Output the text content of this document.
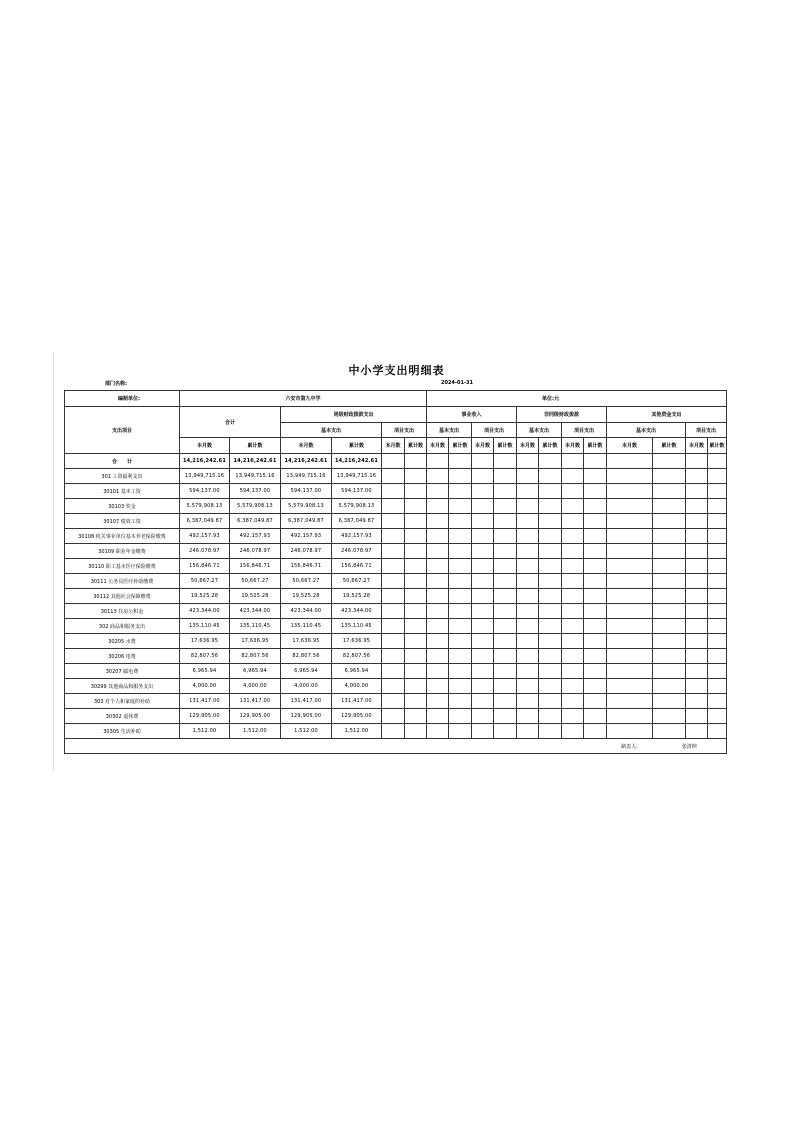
中小学支出明细表
部门名称:	2024-01-31
编制单位:	六安市第九中学						单位:元											
支出项目	合计		同级财政拨款支出				事业收入				非同级财政拨款				其他资金支出			
			基本支出		项目支出		基本支出		项目支出		基本支出		项目支出		基本支出		项目支出	
	本月数	累计数	本月数	累计数	本月数	累计数	本月数	累计数	本月数	累计数	本月数	累计数	本月数	累计数	本月数	累计数	本月数	累计数
合　　计	14,216,242.61	14,216,242.61	14,216,242.61	14,216,242.61														
301 工资福利支出	13,949,715.16	13,949,715.16	13,949,715.16	13,949,715.16														
30101 基本工资	594,137.00	594,137.00	594,137.00	594,137.00														
30103 奖金	5,579,908.13	5,579,908.13	5,579,908.13	5,579,908.13														
30107 绩效工资	6,387,049.87	6,387,049.87	6,387,049.87	6,387,049.87														
30108 机关事业单位基本养老保险缴费	492,157.93	492,157.93	492,157.93	492,157.93														
30109 职业年金缴费	246,078.97	246,078.97	246,078.97	246,078.97														
30110 职工基本医疗保险缴费	156,846.71	156,846.71	156,846.71	156,846.71														
30111 公务员医疗补助缴费	50,667.27	50,667.27	50,667.27	50,667.27														
30112 其他社会保障缴费	19,525.28	19,525.28	19,525.28	19,525.28														
30113 住房公积金	423,344.00	423,344.00	423,344.00	423,344.00														
302 商品和服务支出	135,110.45	135,110.45	135,110.45	135,110.45														
30205 水费	17,636.95	17,636.95	17,636.95	17,636.95														
30206 电费	82,807.56	82,807.56	82,807.56	82,807.56														
30207 邮电费	6,965.94	6,965.94	6,965.94	6,965.94														
30299 其他商品和服务支出	4,000.00	4,000.00	4,000.00	4,000.00														
303 对个人和家庭的补助	131,417.00	131,417.00	131,417.00	131,417.00														
30302 退休费	129,905.00	129,905.00	129,905.00	129,905.00														
30305 生活补助	1,512.00	1,512.00	1,512.00	1,512.00														
															制表人:	张清坤		
